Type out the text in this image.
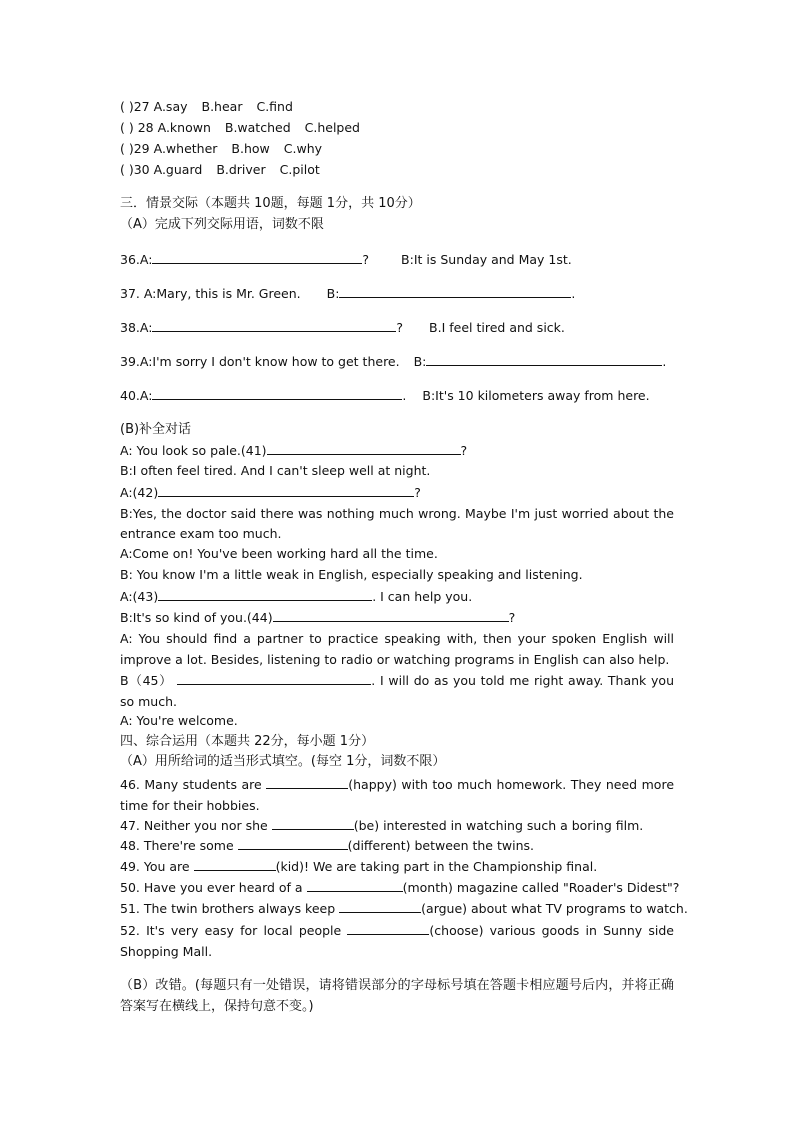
( )27 A.say B.hear C.find
( ) 28 A.known B.watched C.helped
( )29 A.whether B.how C.why
( )30 A.guard B.driver C.pilot
三．情景交际（本题共 10题，每题 1分，共 10分）
（A）完成下列交际用语，词数不限
36.A:	?	B:It is Sunday and May 1st.
37. A:Mary, this is Mr. Green. B:	.
38.A:	? B.I feel tired and sick.
39.A:I'm sorry I don't know how to get there. B:	.
40.A:	. B:It's 10 kilometers away from here.
(B)补全对话
A: You look so pale.(41)	?
B:I often feel tired. And I can't sleep well at night.
A:(42)	?
B:Yes, the doctor said there was nothing much wrong. Maybe I'm just worried about the entrance exam too much.
A:Come on! You've been working hard all the time.
B: You know I'm a little weak in English, especially speaking and listening.
A:(43)	. I can help you.
B:It's so kind of you.(44)	?
A: You should find a partner to practice speaking with, then your spoken English will improve a lot. Besides, listening to radio or watching programs in English can also help.
B（45）	. I will do as you told me right away. Thank you so much.
A: You're welcome.
四、综合运用（本题共 22分，每小题 1分）
（A）用所给词的适当形式填空。(每空 1分，词数不限）
46. Many students are	(happy) with too much homework. They need more time for their hobbies.
47. Neither you nor she	(be) interested in watching such a boring film.
48. There're some	(different) between the twins.
49. You are	(kid)! We are taking part in the Championship final.
50. Have you ever heard of a	(month) magazine called "Roader's Didest"?
51. The twin brothers always keep	(argue) about what TV programs to watch.
52. It's very easy for local people	(choose) various goods in Sunny side Shopping Mall.
（B）改错。(每题只有一处错误，请将错误部分的字母标号填在答题卡相应题号后内，并将正确答案写在横线上，保持句意不变。)
